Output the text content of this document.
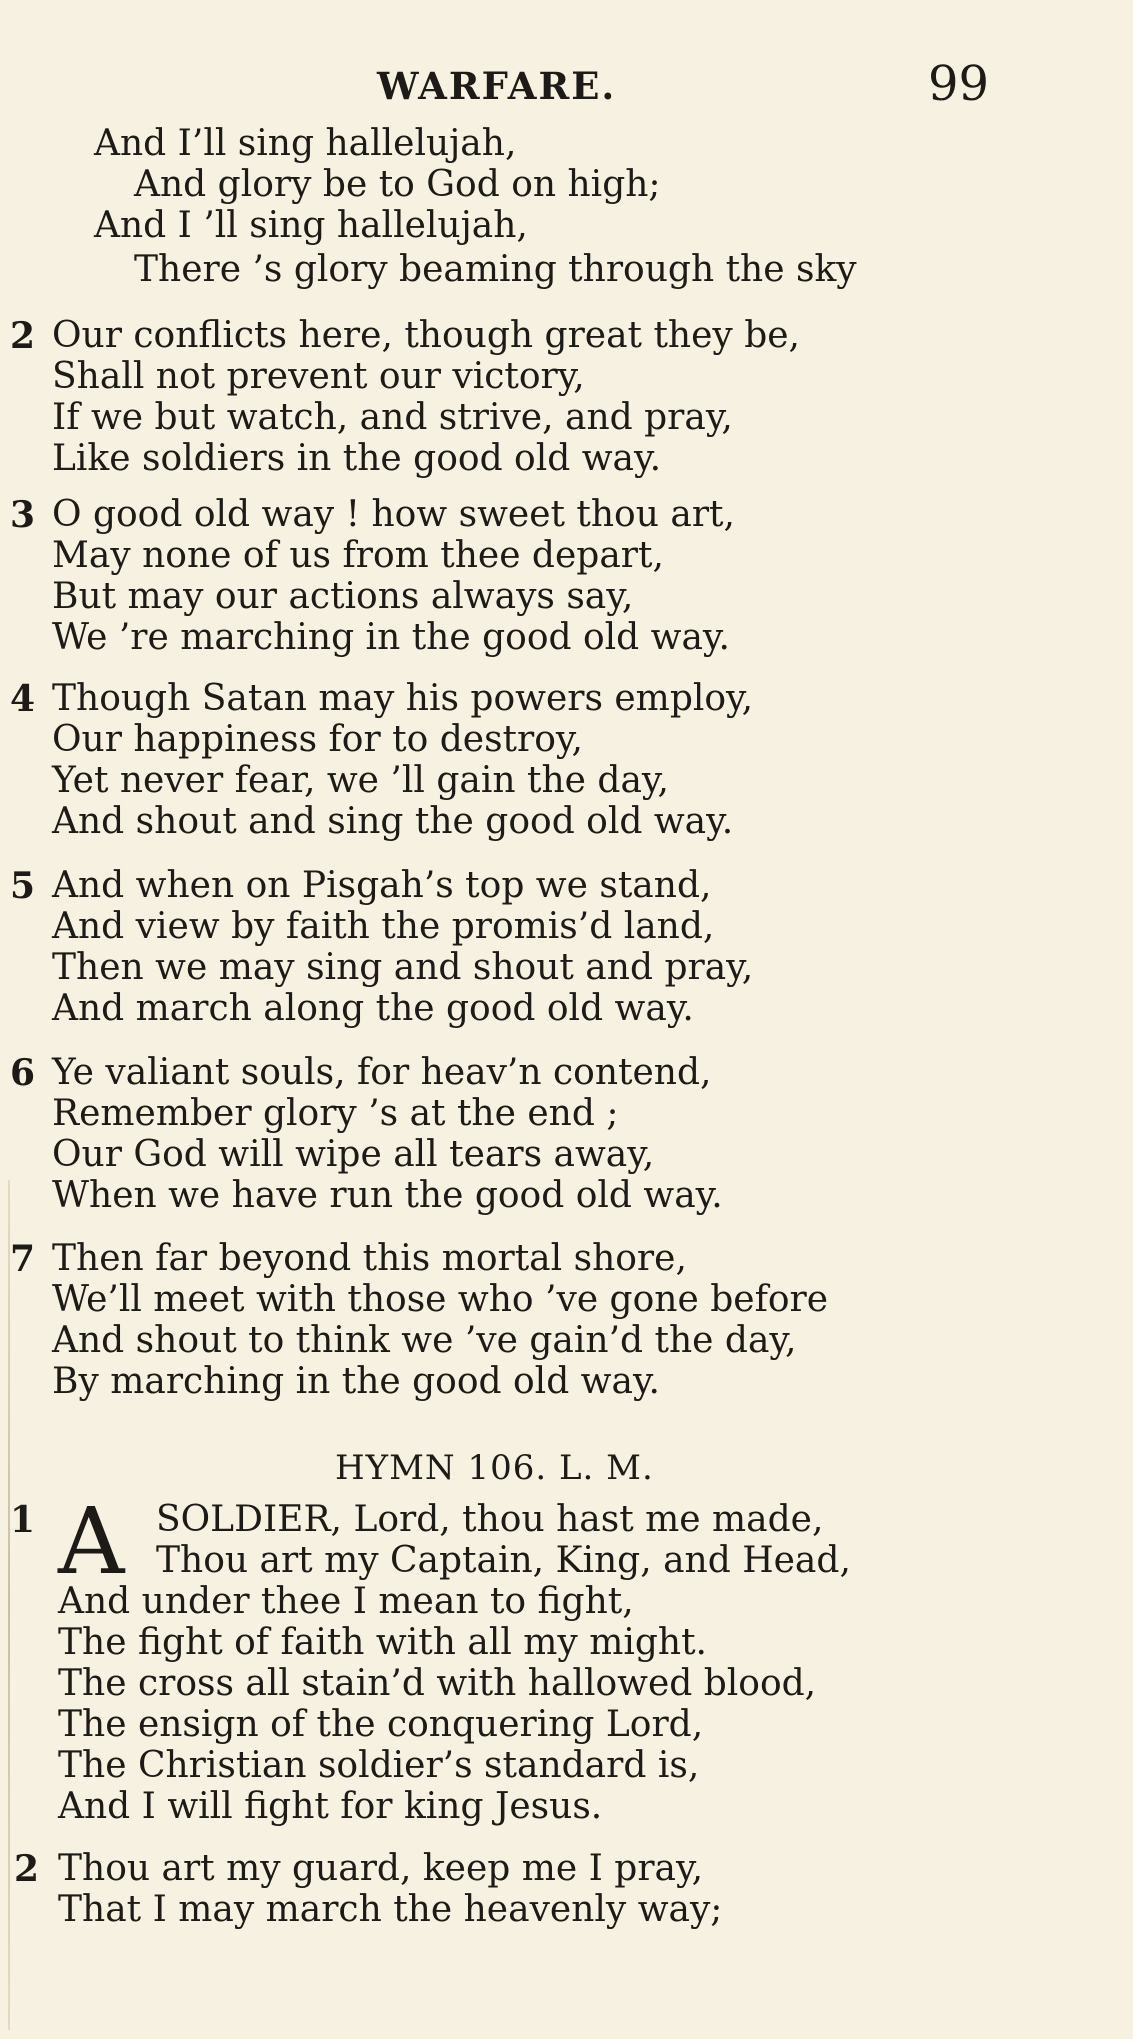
WARFARE.	99
And I’ll sing hallelujah,
And glory be to God on high;
And I ’ll sing hallelujah,
There ’s glory beaming through the sky
2 Our conflicts here, though great they be,
Shall not prevent our victory,
If we but watch, and strive, and pray,
Like soldiers in the good old way.
3 O good old way ! how sweet thou art,
May none of us from thee depart,
But may our actions always say,
We ’re marching in the good old way.
4 Though Satan may his powers employ,
Our happiness for to destroy,
Yet never fear, we ’ll gain the day,
And shout and sing the good old way.
5 And when on Pisgah’s top we stand,
And view by faith the promis’d land,
Then we may sing and shout and pray,
And march along the good old way.
6 Ye valiant souls, for heav’n contend,
Remember glory ’s at the end ;
Our God will wipe all tears away,
When we have run the good old way.
7 Then far beyond this mortal shore,
We’ll meet with those who ’ve gone before
And shout to think we ’ve gain’d the day,
By marching in the good old way.
HYMN 106. L. M.
1 A SOLDIER, Lord, thou hast me made,
Thou art my Captain, King, and Head,
And under thee I mean to fight,
The fight of faith with all my might.
The cross all stain’d with hallowed blood,
The ensign of the conquering Lord,
The Christian soldier’s standard is,
And I will fight for king Jesus.
2 Thou art my guard, keep me I pray,
That I may march the heavenly way;
